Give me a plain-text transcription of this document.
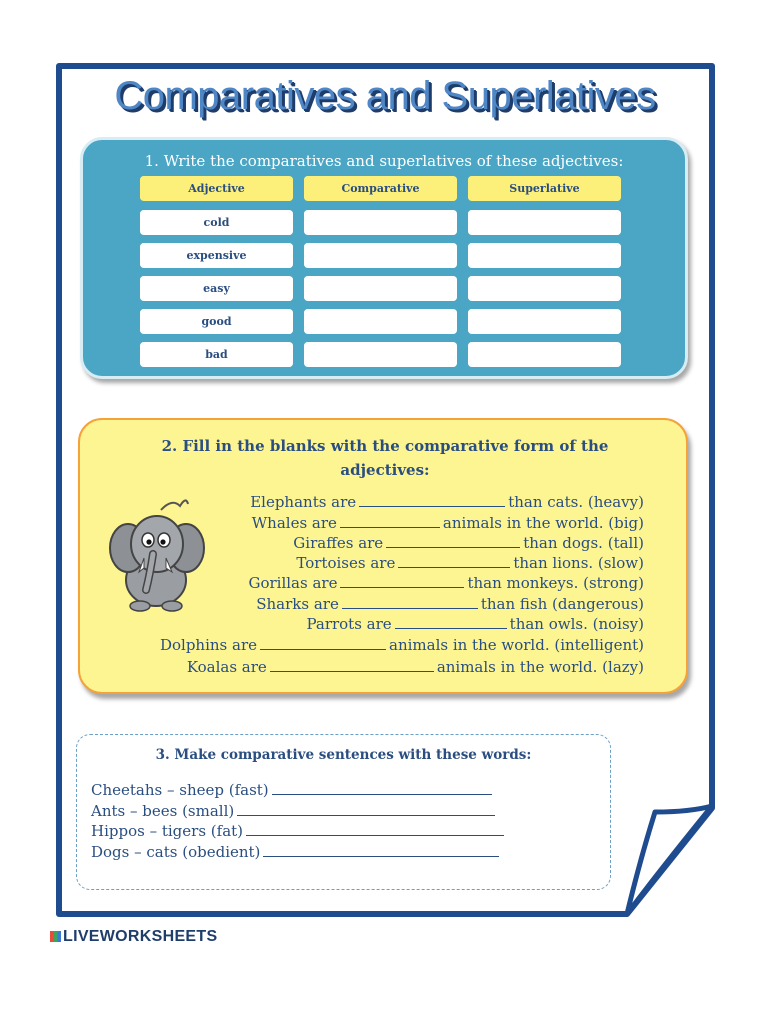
Comparatives and Superlatives
1. Write the comparatives and superlatives of these adjectives:
Adjective	Comparative	Superlative
cold
expensive
easy
good
bad
2. Fill in the blanks with the comparative form of the adjectives:
Elephants are	than cats. (heavy)
Whales are	animals in the world. (big)
Giraffes are	than dogs. (tall)
Tortoises are	than lions. (slow)
Gorillas are	than monkeys. (strong)
Sharks are	than fish (dangerous)
Parrots are	than owls. (noisy)
Dolphins are	animals in the world. (intelligent)
Koalas are	animals in the world. (lazy)
3. Make comparative sentences with these words:
Cheetahs – sheep (fast)
Ants – bees (small)
Hippos – tigers (fat)
Dogs – cats (obedient)
LIVEWORKSHEETS
